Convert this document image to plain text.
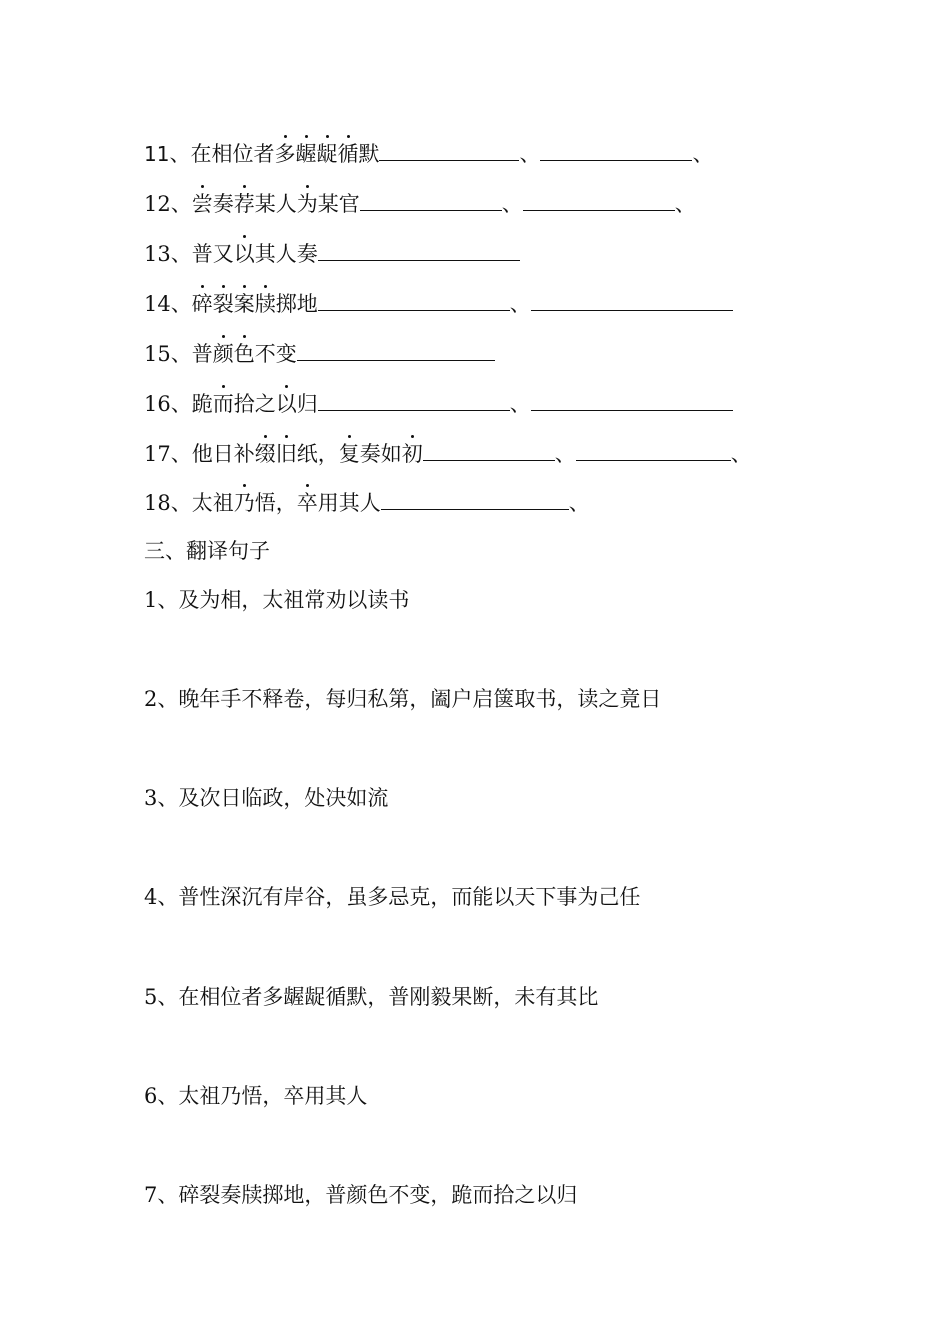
11、在相位者多龌龊循默	、	、
12、尝奏荐某人为某官	、	、
13、普又以其人奏
14、碎裂案牍掷地	、
15、普颜色不变
16、跪而拾之以归	、
17、他日补缀旧纸，复奏如初	、	、
18、太祖乃悟，卒用其人	、
三、翻译句子
1、及为相，太祖常劝以读书
2、晚年手不释卷，每归私第，阖户启箧取书，读之竟日
3、及次日临政，处决如流
4、普性深沉有岸谷，虽多忌克，而能以天下事为己任
5、在相位者多龌龊循默，普刚毅果断，未有其比
6、太祖乃悟，卒用其人
7、碎裂奏牍掷地，普颜色不变，跪而拾之以归
